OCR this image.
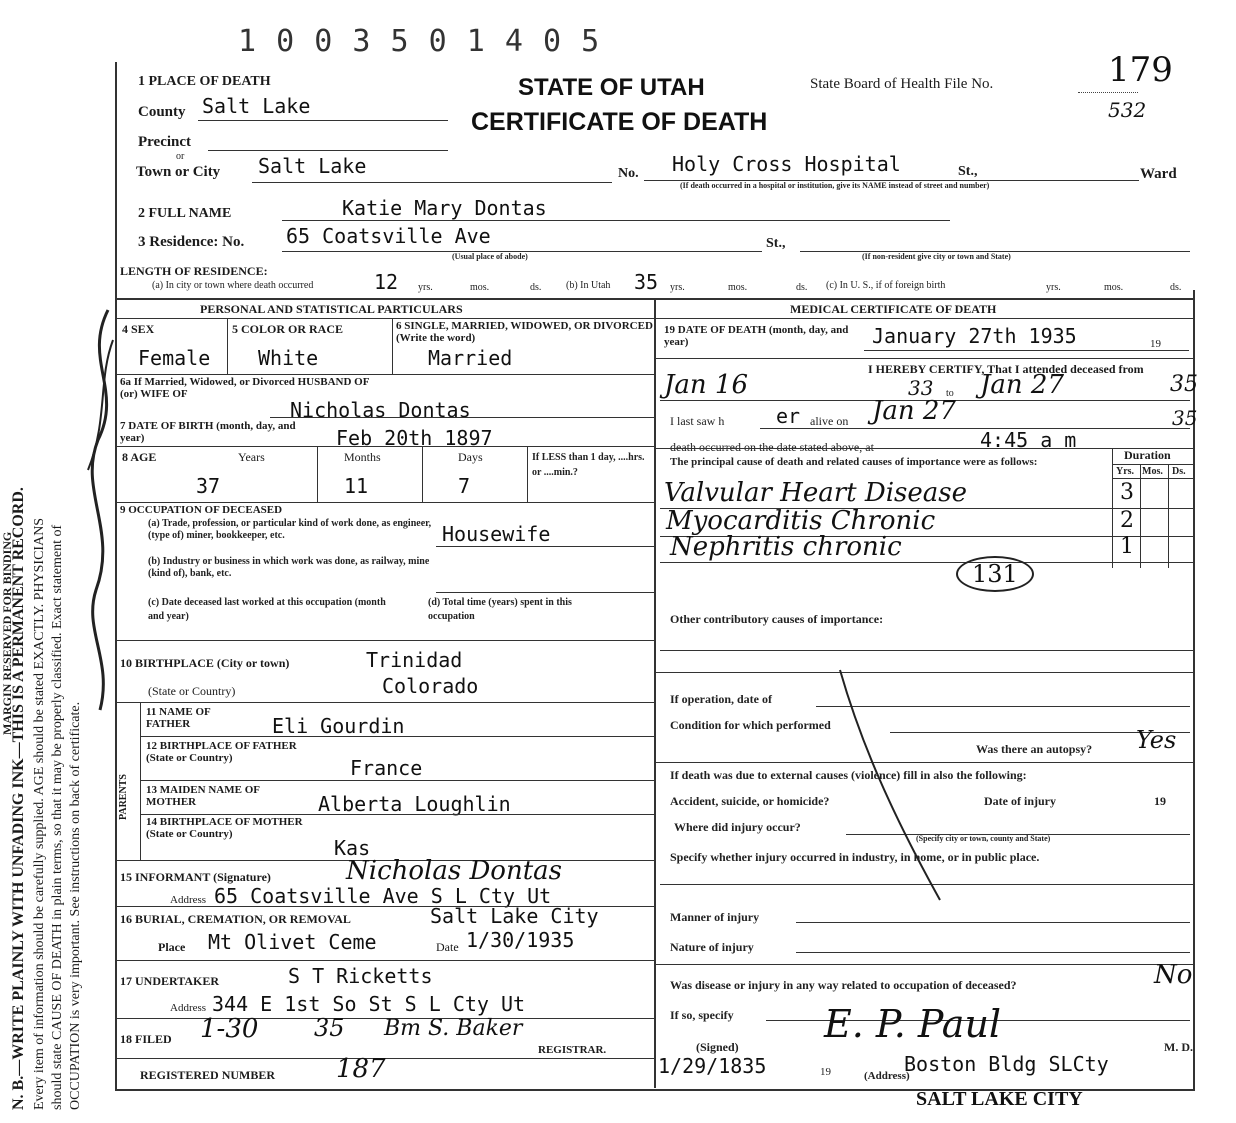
N. B.—WRITE PLAINLY WITH UNFADING INK—THIS IS A PERMANENT RECORD. Every item of information should be carefully supplied. AGE should be stated EXACTLY. PHYSICIANS should state CAUSE OF DEATH in plain terms, so that it may be properly classified. Exact statement of OCCUPATION is very important. See instructions on back of certificate.
MARGIN RESERVED FOR BINDING
1 0 0 3 5 0 1 4 0 5
STATE OF UTAH
CERTIFICATE OF DEATH
State Board of Health File No.	179
532
1 PLACE OF DEATH
County Salt Lake
Precinct
or
Town or City Salt Lake	No. Holy Cross Hospital	St.,	Ward
(If death occurred in a hospital or institution, give its NAME instead of street and number)
2 FULL NAME	Katie Mary Dontas
3 Residence: No. 65 Coatsville Ave	St.,
(Usual place of abode)	(If non-resident give city or town and State)
LENGTH OF RESIDENCE:
(a) In city or town where death occurred	12 yrs.	mos.	ds. (b) In Utah 35 yrs.	mos.	ds. (c) In U. S., if of foreign birth	yrs.	mos.	ds.
PERSONAL AND STATISTICAL PARTICULARS
4 SEX
Female
5 COLOR OR RACE
White
6 SINGLE, MARRIED, WIDOWED, OR DIVORCED (Write the word)
Married
6a If Married, Widowed, or Divorced HUSBAND OF (or) WIFE OF
Nicholas Dontas
7 DATE OF BIRTH (month, day, and year)	Feb 20th 1897
8 AGE	Years	Months	Days	If LESS than 1 day, ....hrs. or ....min.?
37	11	7
9 OCCUPATION OF DECEASED
(a) Trade, profession, or particular kind of work done, as engineer, (type of) miner, bookkeeper, etc.	Housewife
(b) Industry or business in which work was done, as railway, mine (kind of), bank, etc.
(c) Date deceased last worked at this occupation (month and year)
(d) Total time (years) spent in this occupation
10 BIRTHPLACE (City or town)	Trinidad
(State or Country)	Colorado
PARENTS
11 NAME OF FATHER	Eli Gourdin
12 BIRTHPLACE OF FATHER (State or Country)	France
13 MAIDEN NAME OF MOTHER	Alberta Loughlin
14 BIRTHPLACE OF MOTHER (State or Country)
Kas
15 INFORMANT (Signature)	Nicholas Dontas
Address 65 Coatsville Ave S L Cty Ut
16 BURIAL, CREMATION, OR REMOVAL	Salt Lake City
Place Mt Olivet Ceme	Date 1/30/1935
17 UNDERTAKER	S T Ricketts
Address 344 E 1st So St S L Cty Ut
18 FILED 1-30 35 Bm S. Baker
REGISTRAR.
REGISTERED NUMBER 187
MEDICAL CERTIFICATE OF DEATH
19 DATE OF DEATH (month, day, and year)	January 27th 1935	19
I HEREBY CERTIFY, That I attended deceased from
Jan 16	33 to Jan 27	35
I last saw h	er alive on Jan 27	35
death occurred on the date stated above, at	4:45 a m
The principal cause of death and related causes of importance were as follows:	Duration
Yrs. Mos. Ds.
Valvular Heart Disease	3
Myocarditis Chronic	2
Nephritis chronic	1
131
Other contributory causes of importance:
If operation, date of
Condition for which performed
Was there an autopsy? Yes
If death was due to external causes (violence) fill in also the following:
Accident, suicide, or homicide?	Date of injury	19
Where did injury occur?
(Specify city or town, county and State)
Specify whether injury occurred in industry, in home, or in public place.
Manner of injury
Nature of injury
Was disease or injury in any way related to occupation of deceased?	No
If so, specify
(Signed)
E. P. Paul
M. D.
1/29/1835	19	(Address)
Boston Bldg SLCty
SALT LAKE CITY
